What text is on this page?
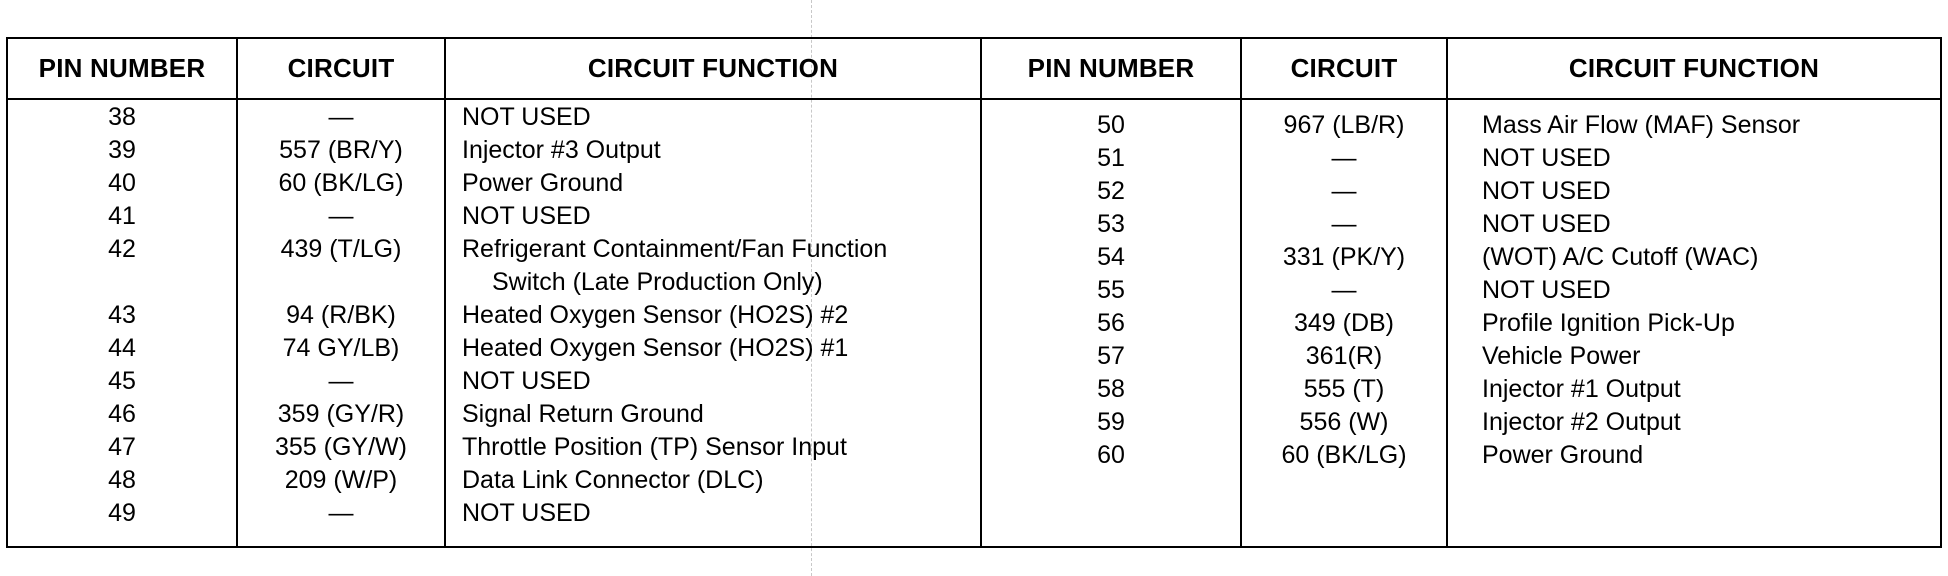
PIN NUMBER	CIRCUIT	CIRCUIT FUNCTION	PIN NUMBER	CIRCUIT	CIRCUIT FUNCTION
38	—	NOT USED
39	557 (BR/Y)	Injector #3 Output
40	60 (BK/LG)	Power Ground
41	—	NOT USED
42	439 (T/LG)	Refrigerant Containment/Fan Function
Switch (Late Production Only)
43	94 (R/BK)	Heated Oxygen Sensor (HO2S) #2
44	74 GY/LB)	Heated Oxygen Sensor (HO2S) #1
45	—	NOT USED
46	359 (GY/R)	Signal Return Ground
47	355 (GY/W)	Throttle Position (TP) Sensor Input
48	209 (W/P)	Data Link Connector (DLC)
49	—	NOT USED
50	967 (LB/R)	Mass Air Flow (MAF) Sensor
51	—	NOT USED
52	—	NOT USED
53	—	NOT USED
54	331 (PK/Y)	(WOT) A/C Cutoff (WAC)
55	—	NOT USED
56	349 (DB)	Profile Ignition Pick-Up
57	361(R)	Vehicle Power
58	555 (T)	Injector #1 Output
59	556 (W)	Injector #2 Output
60	60 (BK/LG)	Power Ground
